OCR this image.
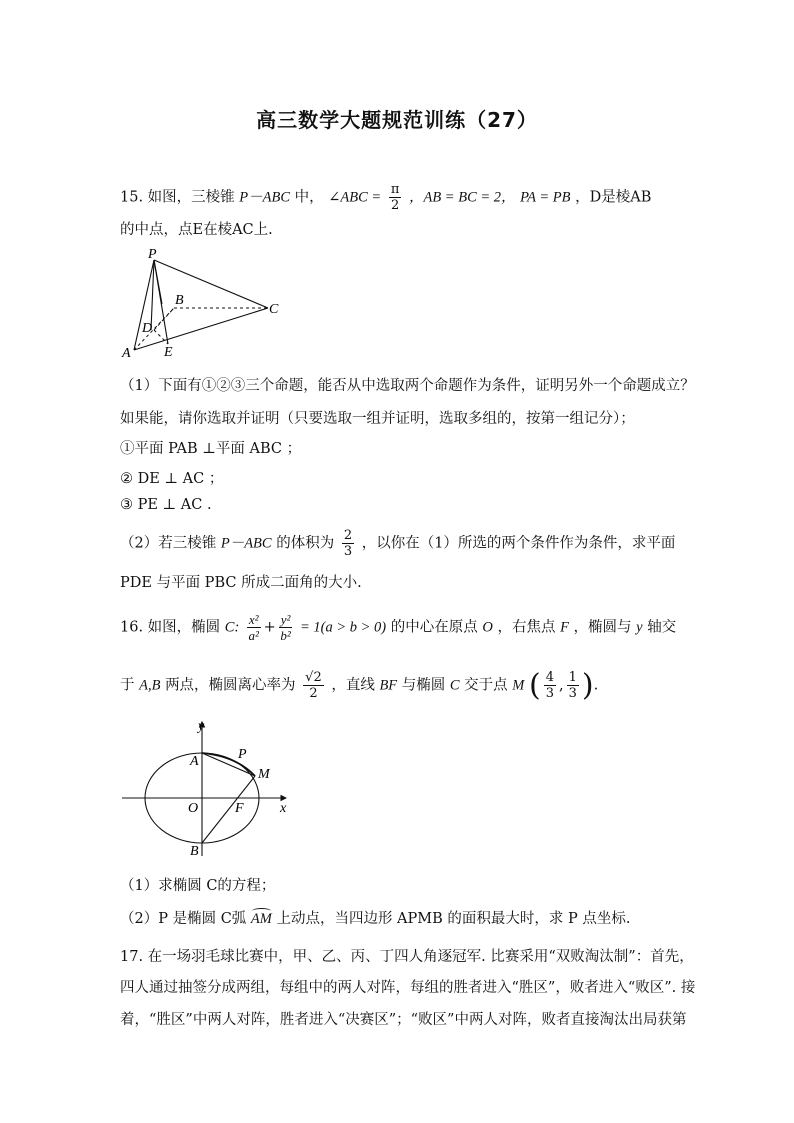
高三数学大题规范训练（27）
15. 如图，三棱锥 P－ABC 中， ∠ABC = $\frac{\pi}{2}$ ，AB = BC = 2， PA = PB ，D是棱AB
的中点，点E在棱AC上.
P
B
C
D
A E
（1）下面有①②③三个命题，能否从中选取两个命题作为条件，证明另外一个命题成立？
如果能，请你选取并证明（只要选取一组并证明，选取多组的，按第一组记分）；
①平面 PAB ⊥平面 ABC ；
② DE ⊥ AC ；
③ PE ⊥ AC .
（2）若三棱锥 P－ABC 的体积为 $\frac{2}{3}$ ，以你在（1）所选的两个条件作为条件，求平面
PDE 与平面 PBC 所成二面角的大小.
16. 如图，椭圆 C: $\frac{\text{x²}}{\text{a²}} + \frac{\text{y²}}{\text{b²}} = 1(a > b > 0)$ 的中心在原点 O ，右焦点 F ，椭圆与 y 轴交
于 A,B 两点，椭圆离心率为 $\frac{√2}{2}$ ，直线 BF 与椭圆 C 交于点 M ( $\frac{4}{3}$ , $\frac{1}{3}$ ).
y
A	P
M
O	F	x
B
（1）求椭圆 C的方程；
（2）P 是椭圆 C弧 AM 上动点，当四边形 APMB 的面积最大时，求 P 点坐标.
17. 在一场羽毛球比赛中，甲、乙、丙、丁四人角逐冠军. 比赛采用“双败淘汰制”：首先，
四人通过抽签分成两组，每组中的两人对阵，每组的胜者进入“胜区”，败者进入“败区”. 接
着，“胜区”中两人对阵，胜者进入“决赛区”；“败区”中两人对阵，败者直接淘汰出局获第
